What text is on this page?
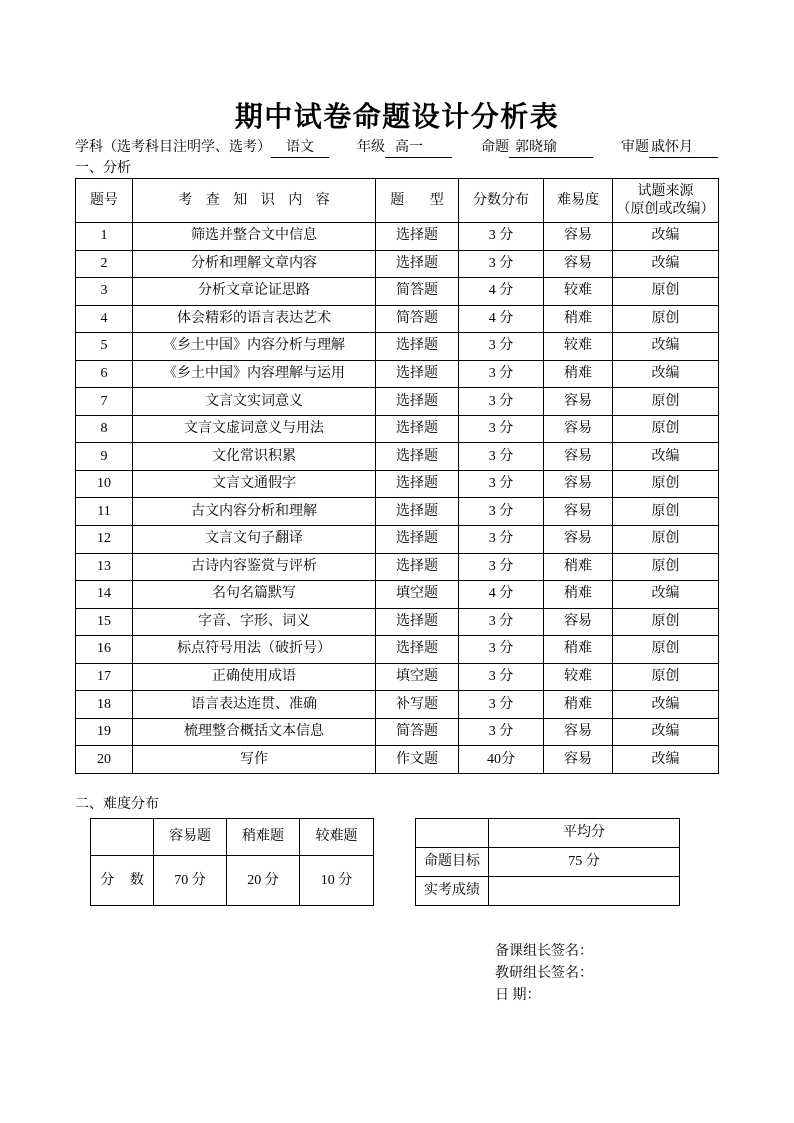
期中试卷命题设计分析表
学科（选考科目注明学、选考）	语文	年级 高一	命题 郭晓瑜	审题 戚怀月
一、分析
题号	考 查 知 识 内 容	题 型	分数分布	难易度	试题来源
（原创或改编）

1	筛选并整合文中信息	选择题	3 分	容易	改编
2	分析和理解文章内容	选择题	3 分	容易	改编
3	分析文章论证思路	简答题	4 分	较难	原创
4	体会精彩的语言表达艺术	简答题	4 分	稍难	原创
5	《乡土中国》内容分析与理解	选择题	3 分	较难	改编
6	《乡土中国》内容理解与运用	选择题	3 分	稍难	改编
7	文言文实词意义	选择题	3 分	容易	原创
8	文言文虚词意义与用法	选择题	3 分	容易	原创
9	文化常识积累	选择题	3 分	容易	改编
10	文言文通假字	选择题	3 分	容易	原创
11	古文内容分析和理解	选择题	3 分	容易	原创
12	文言文句子翻译	选择题	3 分	容易	原创
13	古诗内容鉴赏与评析	选择题	3 分	稍难	原创
14	名句名篇默写	填空题	4 分	稍难	改编
15	字音、字形、词义	选择题	3 分	容易	原创
16	标点符号用法（破折号）	选择题	3 分	稍难	原创
17	正确使用成语	填空题	3 分	较难	原创
18	语言表达连贯、准确	补写题	3 分	稍难	改编
19	梳理整合概括文本信息	简答题	3 分	容易	改编
20	写作	作文题	40分	容易	改编
二、难度分布
	容易题	稍难题	较难题
分 数	70 分	20 分	10 分
	平均分
命题目标	75 分
实考成绩	
备课组长签名：
教研组长签名：
日 期：
